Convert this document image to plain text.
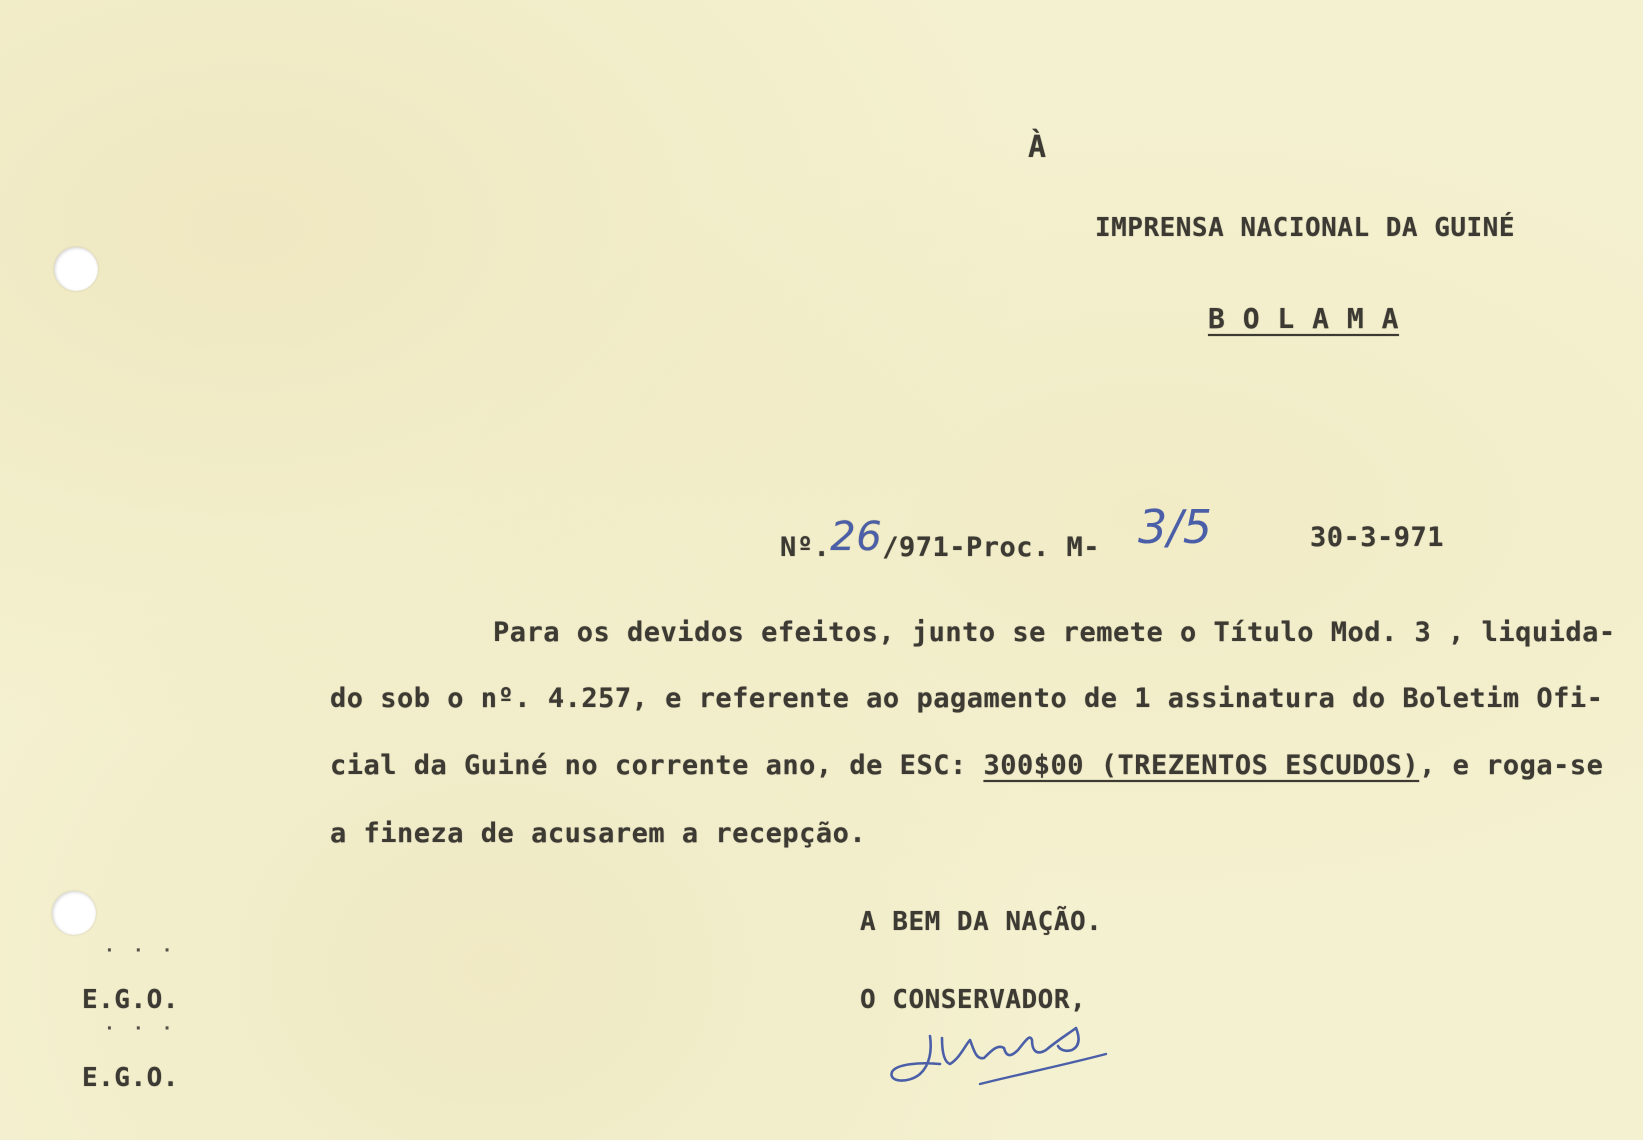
À
IMPRENSA NACIONAL DA GUINÉ
B O L A M A
Nº.26/971-Proc. M- 3/5	30-3-971
Para os devidos efeitos, junto se remete o Título Mod. 3 , liquida-
do sob o nº. 4.257, e referente ao pagamento de 1 assinatura do Boletim Ofi-
cial da Guiné no corrente ano, de ESC: 300$00 (TREZENTOS ESCUDOS), e roga-se
a fineza de acusarem a recepção.
A BEM DA NAÇÃO.
O CONSERVADOR,
···
E.G.O.
···
E.G.O.
